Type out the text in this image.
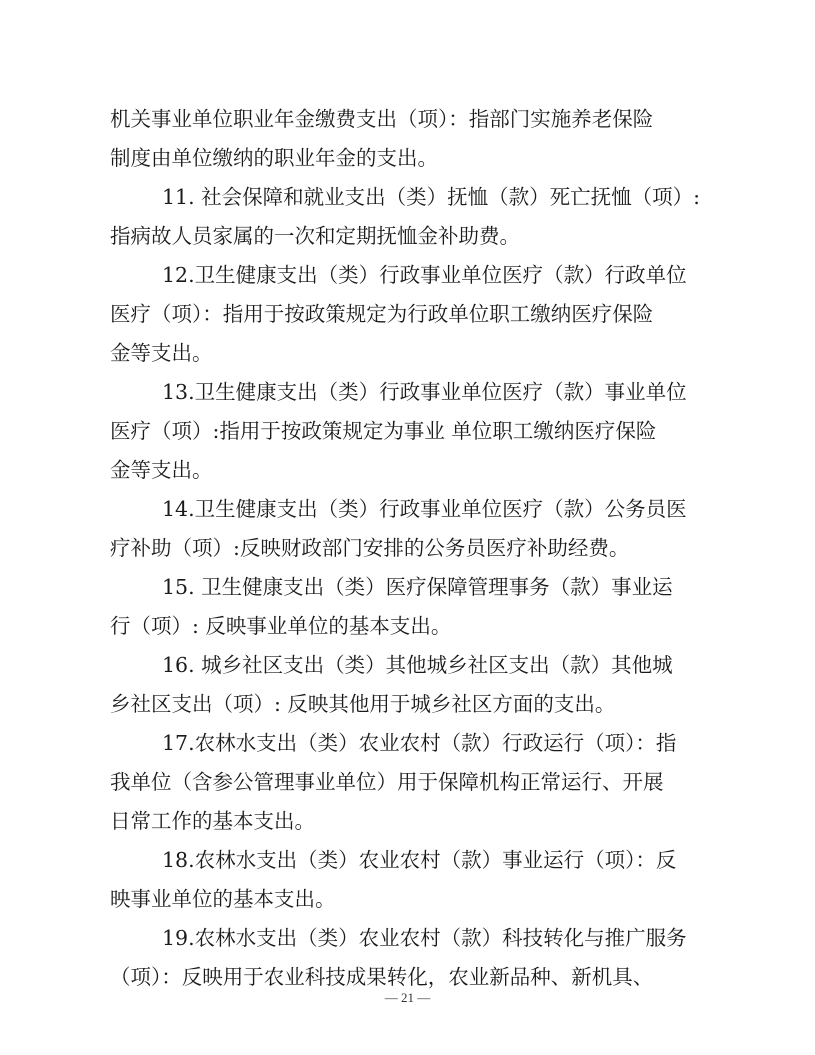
机关事业单位职业年金缴费支出（项）：指部门实施养老保险
制度由单位缴纳的职业年金的支出。
11. 社会保障和就业支出（类）抚恤（款）死亡抚恤（项）:
指病故人员家属的一次和定期抚恤金补助费。
12.卫生健康支出（类）行政事业单位医疗（款）行政单位
医疗（项）：指用于按政策规定为行政单位职工缴纳医疗保险
金等支出。
13.卫生健康支出（类）行政事业单位医疗（款）事业单位
医疗（项）:指用于按政策规定为事业 单位职工缴纳医疗保险
金等支出。
14.卫生健康支出（类）行政事业单位医疗（款）公务员医
疗补助（项）:反映财政部门安排的公务员医疗补助经费。
15. 卫生健康支出（类）医疗保障管理事务（款）事业运
行（项）: 反映事业单位的基本支出。
16. 城乡社区支出（类）其他城乡社区支出（款）其他城
乡社区支出（项）: 反映其他用于城乡社区方面的支出。
17.农林水支出（类）农业农村（款）行政运行（项）：指
我单位（含参公管理事业单位）用于保障机构正常运行、开展
日常工作的基本支出。
18.农林水支出（类）农业农村（款）事业运行（项）：反
映事业单位的基本支出。
19.农林水支出（类）农业农村（款）科技转化与推广服务
（项）：反映用于农业科技成果转化，农业新品种、新机具、
— 21 —
